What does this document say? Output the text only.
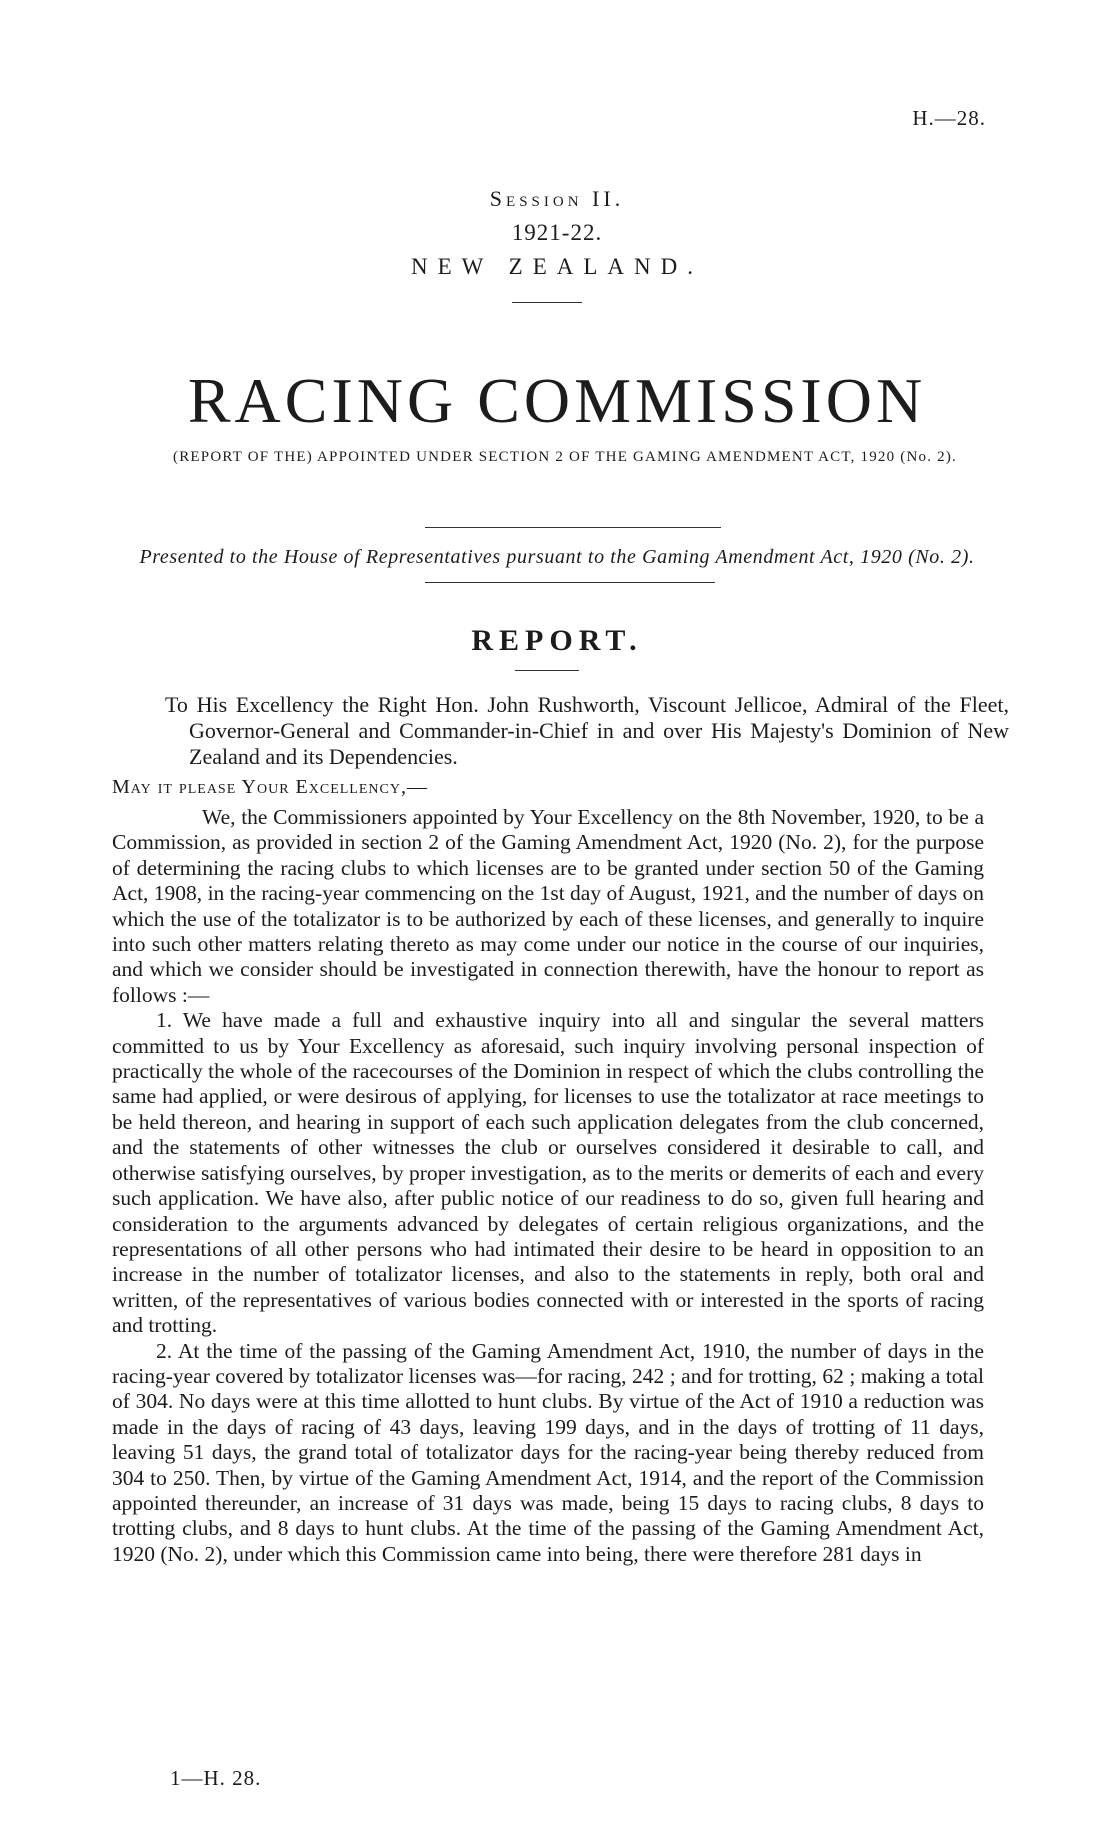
H.—28.
Session II.
1921-22.
NEW ZEALAND.
RACING COMMISSION
(REPORT OF THE) APPOINTED UNDER SECTION 2 OF THE GAMING AMENDMENT ACT, 1920 (No. 2).
Presented to the House of Representatives pursuant to the Gaming Amendment Act, 1920 (No. 2).
REPORT.
To His Excellency the Right Hon. John Rushworth, Viscount Jellicoe, Admiral of the Fleet, Governor-General and Commander-in-Chief in and over His Majesty's Dominion of New Zealand and its Dependencies.
May it please Your Excellency,—

We, the Commissioners appointed by Your Excellency on the 8th November, 1920, to be a Commission, as provided in section 2 of the Gaming Amendment Act, 1920 (No. 2), for the purpose of determining the racing clubs to which licenses are to be granted under section 50 of the Gaming Act, 1908, in the racing-year commencing on the 1st day of August, 1921, and the number of days on which the use of the totalizator is to be authorized by each of these licenses, and generally to inquire into such other matters relating thereto as may come under our notice in the course of our inquiries, and which we consider should be investigated in connection therewith, have the honour to report as follows :—

1. We have made a full and exhaustive inquiry into all and singular the several matters committed to us by Your Excellency as aforesaid, such inquiry involving personal inspection of practically the whole of the racecourses of the Dominion in respect of which the clubs controlling the same had applied, or were desirous of applying, for licenses to use the totalizator at race meetings to be held thereon, and hearing in support of each such application delegates from the club concerned, and the statements of other witnesses the club or ourselves considered it desirable to call, and otherwise satisfying ourselves, by proper investigation, as to the merits or demerits of each and every such application. We have also, after public notice of our readiness to do so, given full hearing and consideration to the arguments advanced by delegates of certain religious organizations, and the representations of all other persons who had intimated their desire to be heard in opposition to an increase in the number of totalizator licenses, and also to the statements in reply, both oral and written, of the representatives of various bodies connected with or interested in the sports of racing and trotting.

2. At the time of the passing of the Gaming Amendment Act, 1910, the number of days in the racing-year covered by totalizator licenses was—for racing, 242 ; and for trotting, 62 ; making a total of 304. No days were at this time allotted to hunt clubs. By virtue of the Act of 1910 a reduction was made in the days of racing of 43 days, leaving 199 days, and in the days of trotting of 11 days, leaving 51 days, the grand total of totalizator days for the racing-year being thereby reduced from 304 to 250. Then, by virtue of the Gaming Amendment Act, 1914, and the report of the Commission appointed thereunder, an increase of 31 days was made, being 15 days to racing clubs, 8 days to trotting clubs, and 8 days to hunt clubs. At the time of the passing of the Gaming Amendment Act, 1920 (No. 2), under which this Commission came into being, there were therefore 281 days in

1—H. 28.
